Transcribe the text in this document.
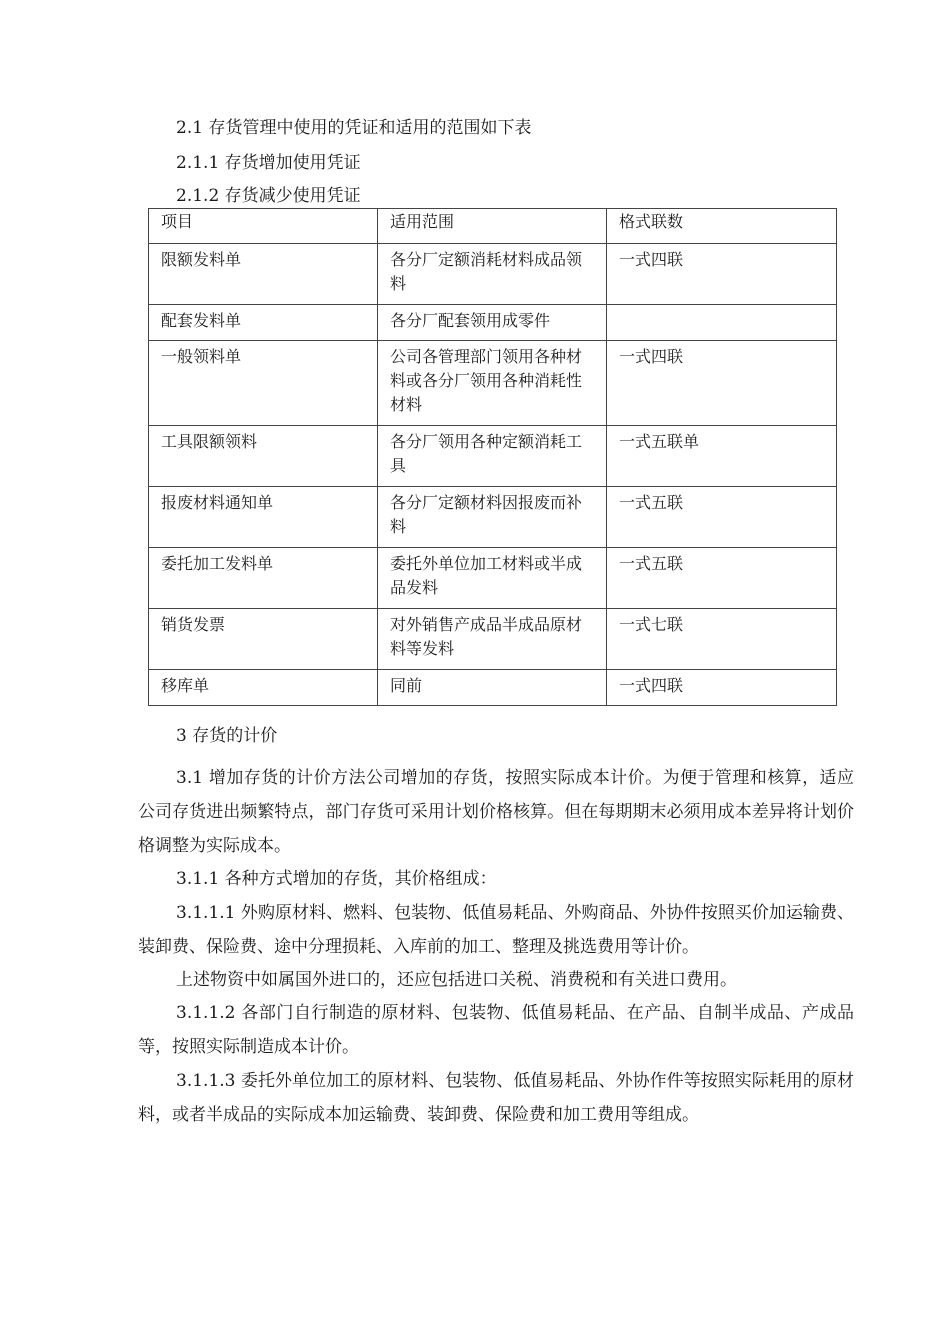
2.1 存货管理中使用的凭证和适用的范围如下表
2.1.1 存货增加使用凭证
2.1.2 存货减少使用凭证
项目	适用范围	格式联数
限额发料单	各分厂定额消耗材料成品领料	一式四联
配套发料单	各分厂配套领用成零件	
一般领料单	公司各管理部门领用各种材料或各分厂领用各种消耗性材料	一式四联
工具限额领料	各分厂领用各种定额消耗工具	一式五联单
报废材料通知单	各分厂定额材料因报废而补料	一式五联
委托加工发料单	委托外单位加工材料或半成品发料	一式五联
销货发票	对外销售产成品半成品原材料等发料	一式七联
移库单	同前	一式四联
3 存货的计价

3.1 增加存货的计价方法公司增加的存货，按照实际成本计价。为便于管理和核算，适应公司存货进出频繁特点，部门存货可采用计划价格核算。但在每期期末必须用成本差异将计划价格调整为实际成本。

3.1.1 各种方式增加的存货，其价格组成：

3.1.1.1 外购原材料、燃料、包装物、低值易耗品、外购商品、外协件按照买价加运输费、装卸费、保险费、途中分理损耗、入库前的加工、整理及挑选费用等计价。

上述物资中如属国外进口的，还应包括进口关税、消费税和有关进口费用。

3.1.1.2 各部门自行制造的原材料、包装物、低值易耗品、在产品、自制半成品、产成品等，按照实际制造成本计价。

3.1.1.3 委托外单位加工的原材料、包装物、低值易耗品、外协作件等按照实际耗用的原材料，或者半成品的实际成本加运输费、装卸费、保险费和加工费用等组成。
